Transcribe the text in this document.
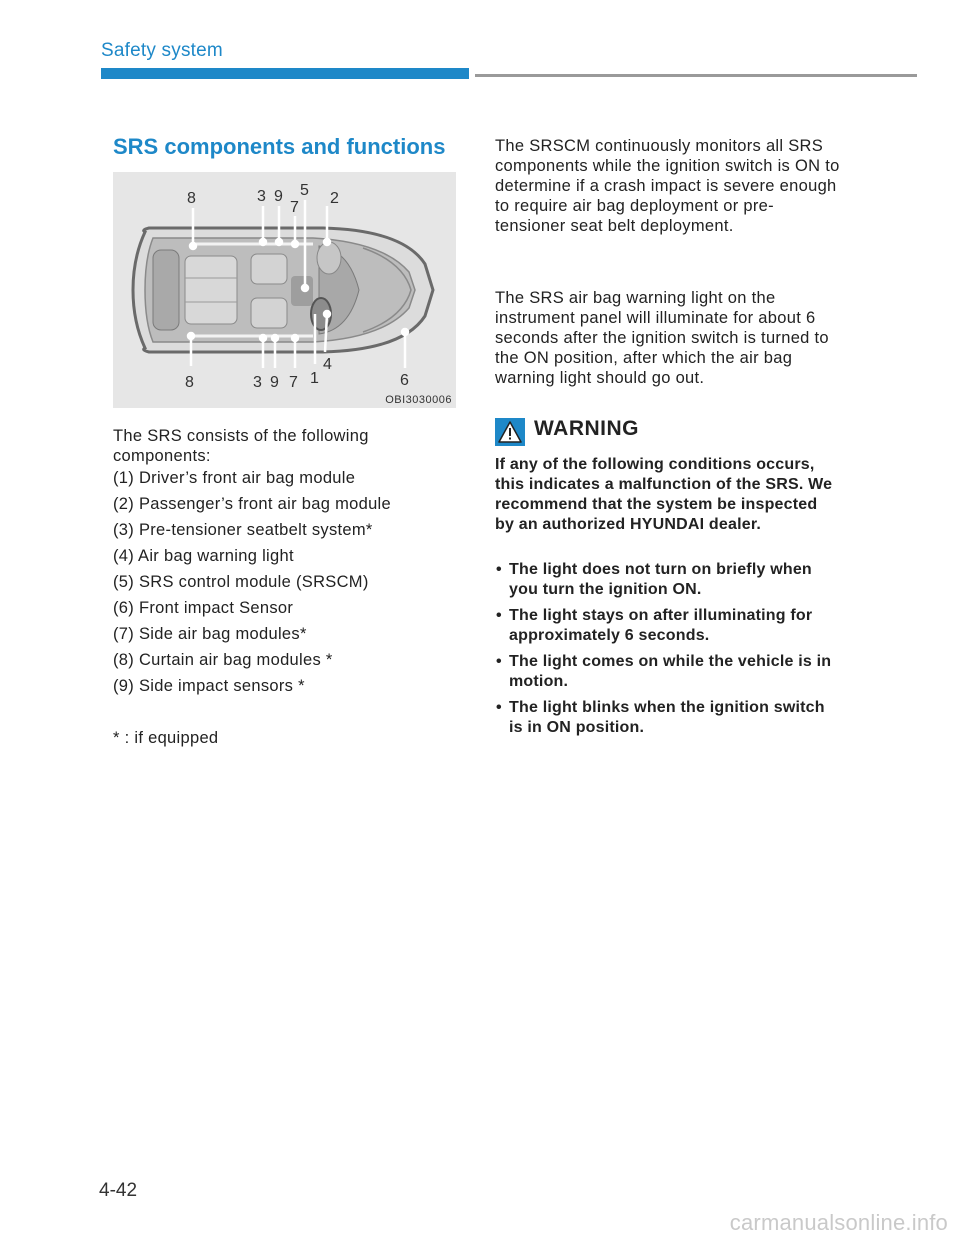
Safety system
SRS components and functions
8	3 9 5
7
2
8	3 9 7 1
4
6
OBI3030006
The SRS consists of the following components:
(1) Driver’s front air bag module
(2) Passenger’s front air bag module
(3) Pre-tensioner seatbelt system*
(4) Air bag warning light
(5) SRS control module (SRSCM)
(6) Front impact Sensor
(7) Side air bag modules*
(8) Curtain air bag modules *
(9) Side impact sensors *
* : if equipped
The SRSCM continuously monitors all SRS components while the ignition switch is ON to determine if a crash impact is severe enough to require air bag deployment or pre-tensioner seat belt deployment.
The SRS air bag warning light on the instrument panel will illuminate for about 6 seconds after the ignition switch is turned to the ON position, after which the air bag warning light should go out.
WARNING
If any of the following conditions occurs, this indicates a malfunction of the SRS. We recommend that the system be inspected by an authorized HYUNDAI dealer.
• The light does not turn on briefly when you turn the ignition ON.
• The light stays on after illuminating for approximately 6 seconds.
• The light comes on while the vehicle is in motion.
• The light blinks when the ignition switch is in ON position.
4-42
carmanualsonline.info
